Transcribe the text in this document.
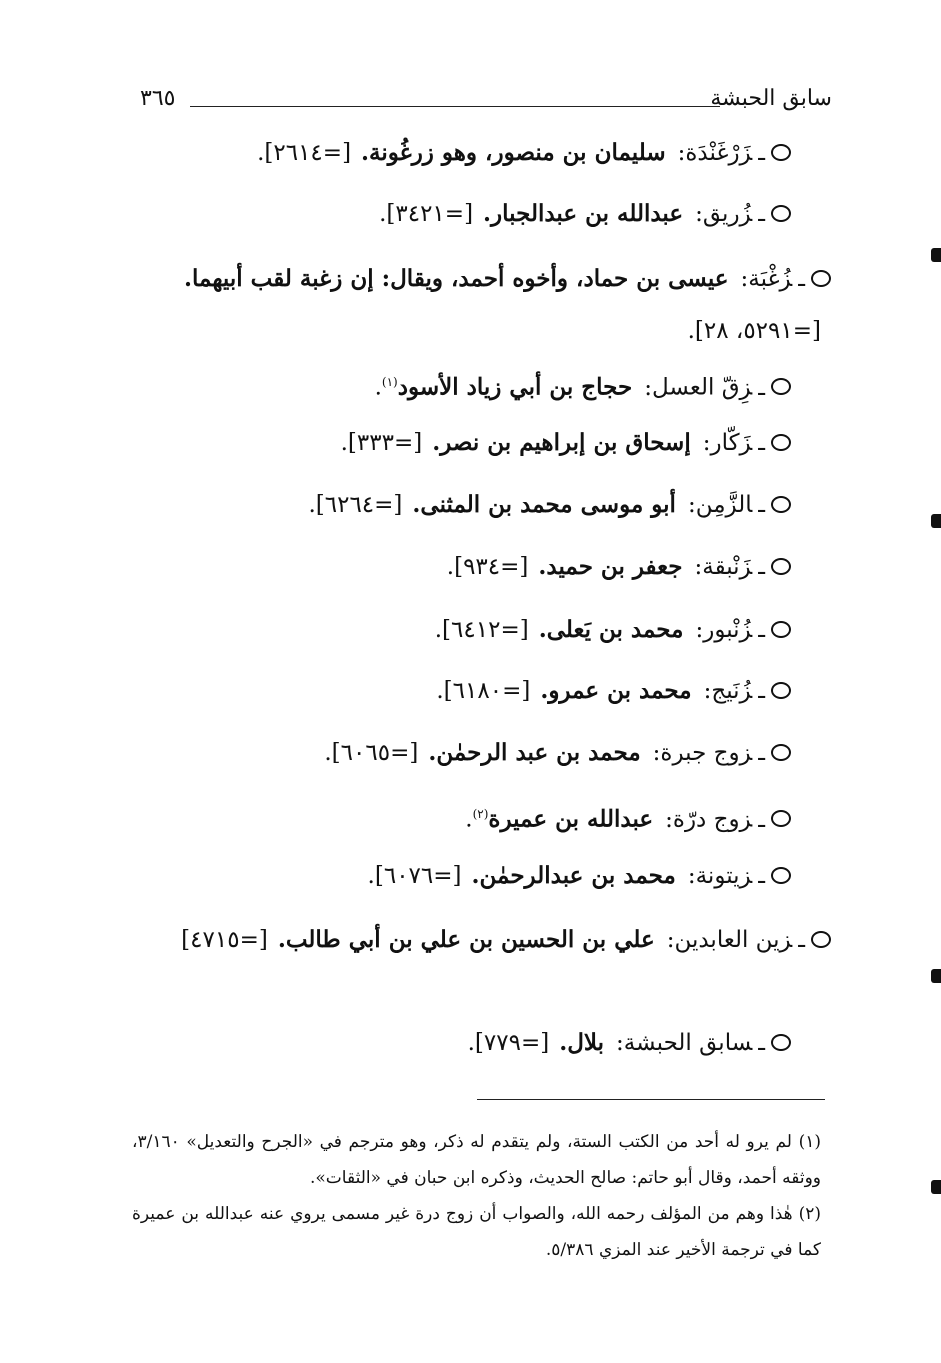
سابق الحبشة
٣٦٥
ـزَرْغَنْدَة:سليمان بن منصور، وهو زرغُونة.[=٢٦١٤].
ـزُريق:عبدالله بن عبدالجبار.[=٣٤٢١].
ـزُغْبَة:عيسى بن حماد، وأخوه أحمد، ويقال: إن زغبة لقب أبيهما.[=٥٢٩١، ٢٨].
ـزِقّ العسل:حجاج بن أبي زياد الأسود$^{(١)}$.
ـزَكّار:إسحاق بن إبراهيم بن نصر.[=٣٣٣].
ـالزَّمِن:أبو موسى محمد بن المثنى.[=٦٢٦٤].
ـزَنْبقة:جعفر بن حميد.[=٩٣٤].
ـزُنْبور:محمد بن يَعلى.[=٦٤١٢].
ـزُنَيج:محمد بن عمرو.[=٦١٨٠].
ـزوج جبرة:محمد بن عبد الرحمٰن.[=٦٠٦٥].
ـزوج درّة:عبدالله بن عميرة$^{(٢)}$.
ـزيتونة:محمد بن عبدالرحمٰن.[=٦٠٧٦].
ـزين العابدين:علي بن الحسين بن علي بن أبي طالب.[=٤٧١٥]
ـسابق الحبشة:بلال.[=٧٧٩].

(١) لم يرو له أحد من الكتب الستة، ولم يتقدم له ذكر، وهو مترجم في «الجرح والتعديل» ٣/١٦٠، ووثقه أحمد، وقال أبو حاتم: صالح الحديث، وذكره ابن حبان في «الثقات».

(٢) هٰذا وهم من المؤلف رحمه الله، والصواب أن زوج درة غير مسمى يروي عنه عبدالله بن عميرة كما في ترجمة الأخير عند المزي ٥/٣٨٦.
